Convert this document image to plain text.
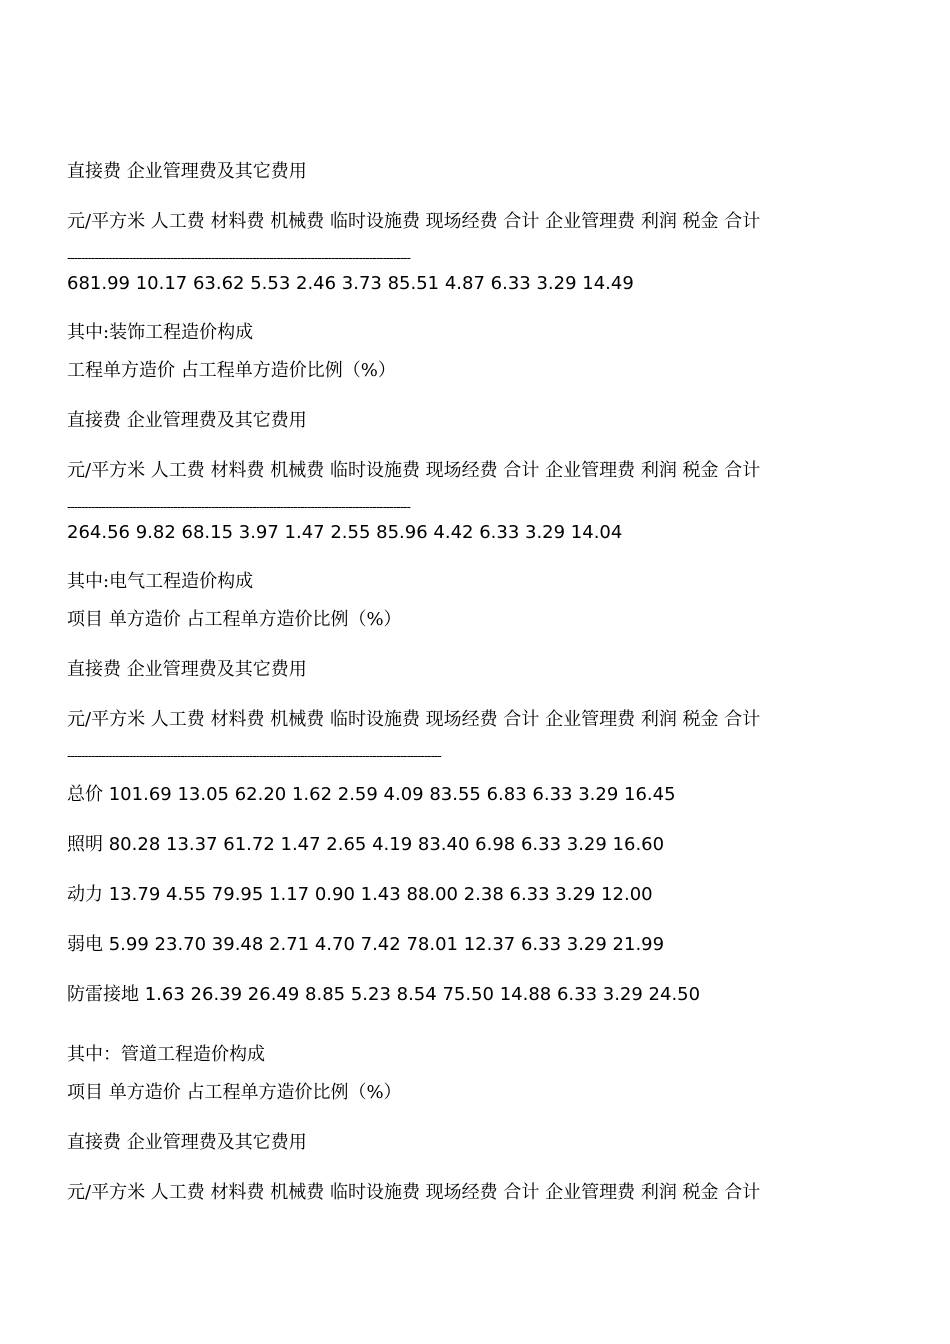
直接费 企业管理费及其它费用
元/平方米 人工费 材料费 机械费 临时设施费 现场经费 合计 企业管理费 利润 税金 合计
----------------------------------------------------------------------------------------------------
681.99 10.17 63.62 5.53 2.46 3.73 85.51 4.87 6.33 3.29 14.49
其中:装饰工程造价构成
工程单方造价 占工程单方造价比例（%）
直接费 企业管理费及其它费用
元/平方米 人工费 材料费 机械费 临时设施费 现场经费 合计 企业管理费 利润 税金 合计
----------------------------------------------------------------------------------------------------
264.56 9.82 68.15 3.97 1.47 2.55 85.96 4.42 6.33 3.29 14.04
其中:电气工程造价构成
项目 单方造价 占工程单方造价比例（%）
直接费 企业管理费及其它费用
元/平方米 人工费 材料费 机械费 临时设施费 现场经费 合计 企业管理费 利润 税金 合计
-------------------------------------------------------------------------------------------------------------
总价 101.69 13.05 62.20 1.62 2.59 4.09 83.55 6.83 6.33 3.29 16.45
照明 80.28 13.37 61.72 1.47 2.65 4.19 83.40 6.98 6.33 3.29 16.60
动力 13.79 4.55 79.95 1.17 0.90 1.43 88.00 2.38 6.33 3.29 12.00
弱电 5.99 23.70 39.48 2.71 4.70 7.42 78.01 12.37 6.33 3.29 21.99
防雷接地 1.63 26.39 26.49 8.85 5.23 8.54 75.50 14.88 6.33 3.29 24.50
其中：管道工程造价构成
项目 单方造价 占工程单方造价比例（%）
直接费 企业管理费及其它费用
元/平方米 人工费 材料费 机械费 临时设施费 现场经费 合计 企业管理费 利润 税金 合计
